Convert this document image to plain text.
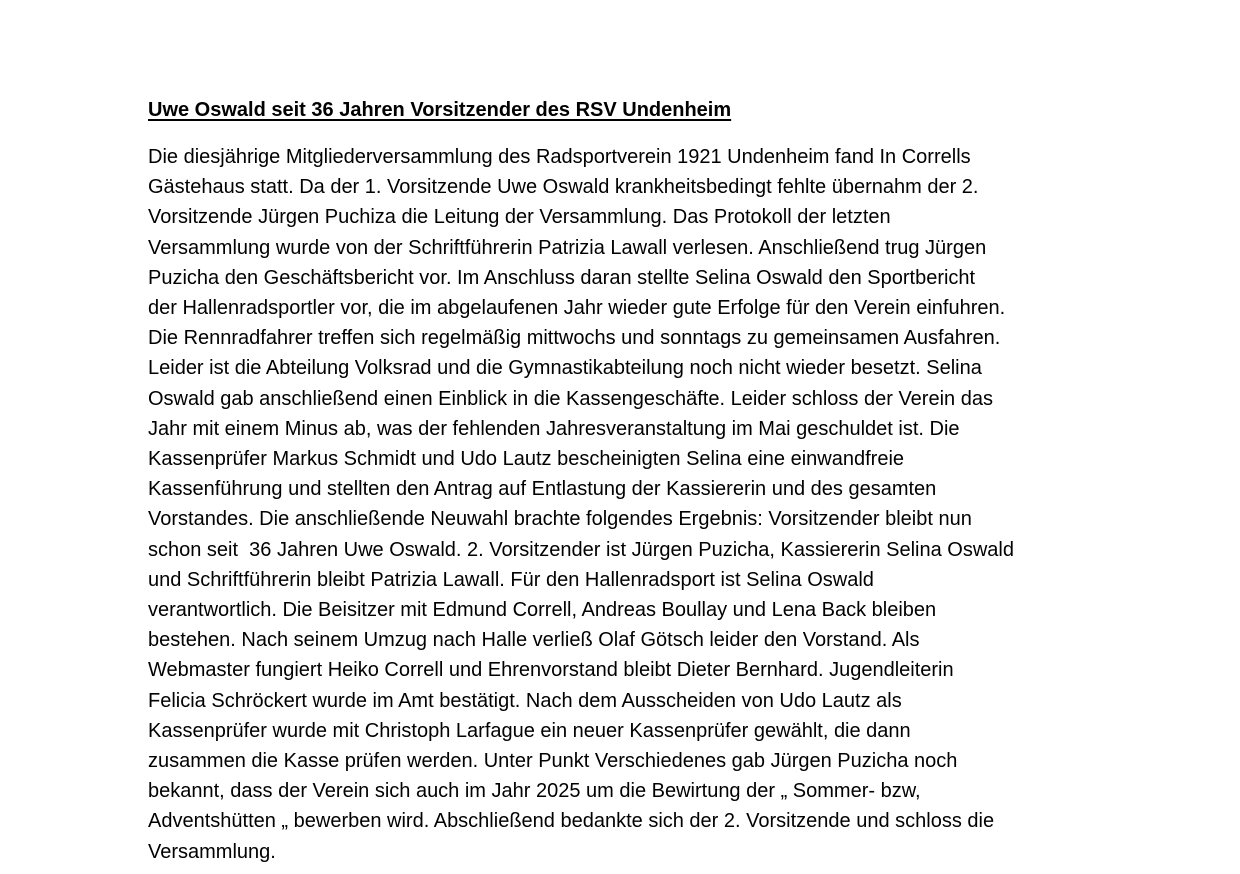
Uwe Oswald seit 36 Jahren Vorsitzender des RSV Undenheim
Die diesjährige Mitgliederversammlung des Radsportverein 1921 Undenheim fand In Corrells
Gästehaus statt. Da der 1. Vorsitzende Uwe Oswald krankheitsbedingt fehlte übernahm der 2.
Vorsitzende Jürgen Puchiza die Leitung der Versammlung. Das Protokoll der letzten
Versammlung wurde von der Schriftführerin Patrizia Lawall verlesen. Anschließend trug Jürgen
Puzicha den Geschäftsbericht vor. Im Anschluss daran stellte Selina Oswald den Sportbericht
der Hallenradsportler vor, die im abgelaufenen Jahr wieder gute Erfolge für den Verein einfuhren.
Die Rennradfahrer treffen sich regelmäßig mittwochs und sonntags zu gemeinsamen Ausfahren.
Leider ist die Abteilung Volksrad und die Gymnastikabteilung noch nicht wieder besetzt. Selina
Oswald gab anschließend einen Einblick in die Kassengeschäfte. Leider schloss der Verein das
Jahr mit einem Minus ab, was der fehlenden Jahresveranstaltung im Mai geschuldet ist. Die
Kassenprüfer Markus Schmidt und Udo Lautz bescheinigten Selina eine einwandfreie
Kassenführung und stellten den Antrag auf Entlastung der Kassiererin und des gesamten
Vorstandes. Die anschließende Neuwahl brachte folgendes Ergebnis: Vorsitzender bleibt nun
schon seit  36 Jahren Uwe Oswald. 2. Vorsitzender ist Jürgen Puzicha, Kassiererin Selina Oswald
und Schriftführerin bleibt Patrizia Lawall. Für den Hallenradsport ist Selina Oswald
verantwortlich. Die Beisitzer mit Edmund Correll, Andreas Boullay und Lena Back bleiben
bestehen. Nach seinem Umzug nach Halle verließ Olaf Götsch leider den Vorstand. Als
Webmaster fungiert Heiko Correll und Ehrenvorstand bleibt Dieter Bernhard. Jugendleiterin
Felicia Schröckert wurde im Amt bestätigt. Nach dem Ausscheiden von Udo Lautz als
Kassenprüfer wurde mit Christoph Larfague ein neuer Kassenprüfer gewählt, die dann
zusammen die Kasse prüfen werden. Unter Punkt Verschiedenes gab Jürgen Puzicha noch
bekannt, dass der Verein sich auch im Jahr 2025 um die Bewirtung der „ Sommer- bzw,
Adventshütten „ bewerben wird. Abschließend bedankte sich der 2. Vorsitzende und schloss die
Versammlung.
